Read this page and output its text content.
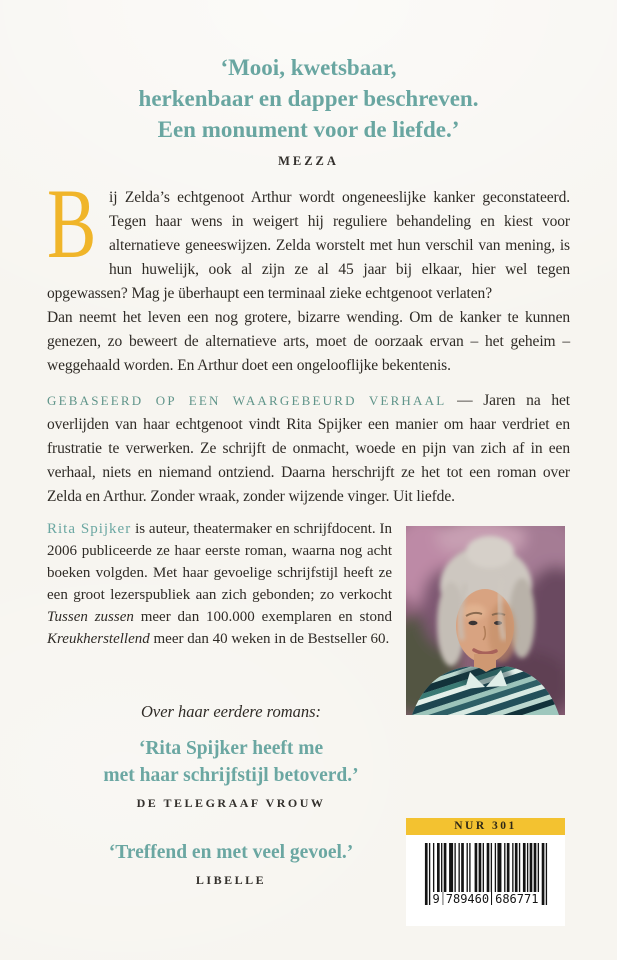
‘Mooi, kwetsbaar,
herkenbaar en dapper beschreven.
Een monument voor de liefde.’
MEZZA

Bij Zelda’s echtgenoot Arthur wordt ongeneeslijke kanker geconstateerd. Tegen haar wens in weigert hij reguliere behandeling en kiest voor alternatieve geneeswijzen. Zelda worstelt met hun verschil van mening, is hun huwelijk, ook al zijn ze al 45 jaar bij elkaar, hier wel tegen opgewassen? Mag je überhaupt een terminaal zieke echtgenoot verlaten?

Dan neemt het leven een nog grotere, bizarre wending. Om de kanker te kunnen genezen, zo beweert de alternatieve arts, moet de oorzaak ervan – het geheim – weggehaald worden. En Arthur doet een ongelooflijke bekentenis.

GEBASEERD OP EEN WAARGEBEURD VERHAAL — Jaren na het overlijden van haar echtgenoot vindt Rita Spijker een manier om haar verdriet en frustratie te verwerken. Ze schrijft de onmacht, woede en pijn van zich af in een verhaal, niets en niemand ontziend. Daarna herschrijft ze het tot een roman over Zelda en Arthur. Zonder wraak, zonder wijzende vinger. Uit liefde.

Rita Spijker is auteur, theatermaker en schrijfdocent. In 2006 publiceerde ze haar eerste roman, waarna nog acht boeken volgden. Met haar gevoelige schrijfstijl heeft ze een groot lezerspubliek aan zich gebonden; zo verkocht Tussen zussen meer dan 100.000 exemplaren en stond Kreukherstellend meer dan 40 weken in de Bestseller 60.

Over haar eerdere romans:

‘Rita Spijker heeft me
met haar schrijfstijl betoverd.’
DE TELEGRAAF VROUW
‘Treffend en met veel gevoel.’
LIBELLE
NUR 301
9 789460 686771
